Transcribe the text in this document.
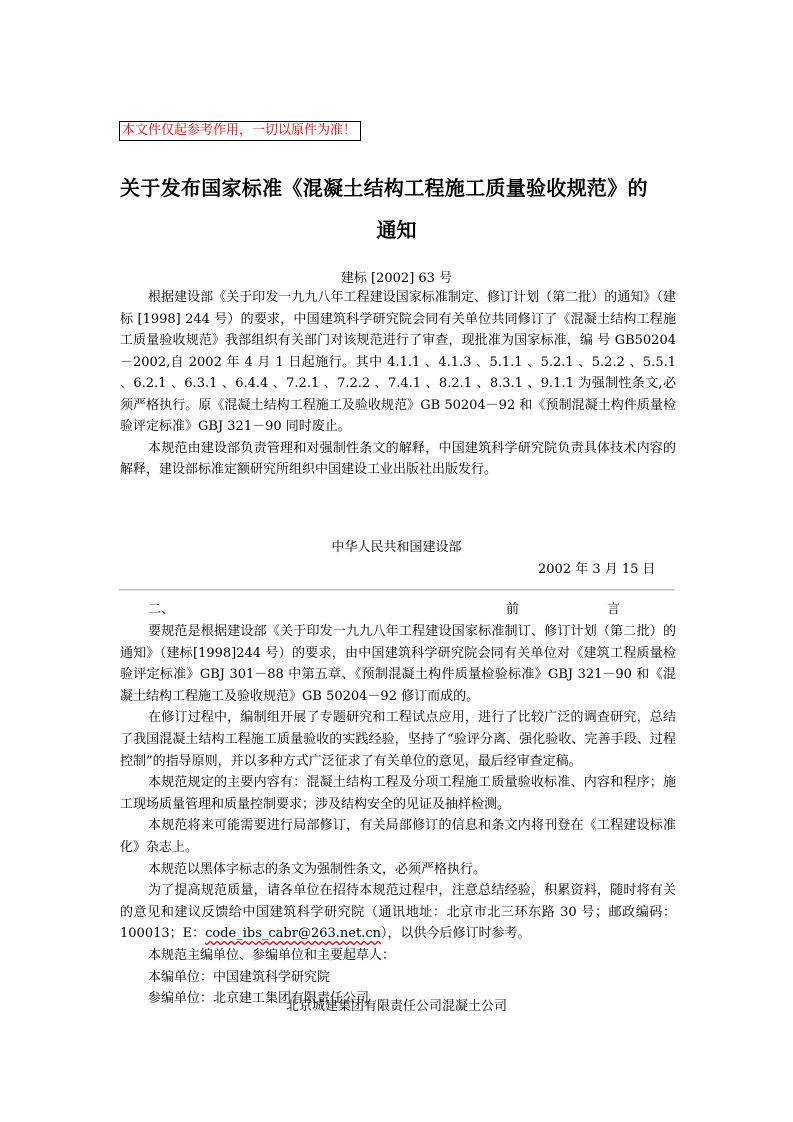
本文件仅起参考作用，一切以原件为准！
关于发布国家标准《混凝土结构工程施工质量验收规范》的
通知
建标 [2002] 63 号

根据建设部《关于印发一九九八年工程建设国家标准制定、修订计划（第二批）的通知》（建标 [1998] 244 号）的要求，中国建筑科学研究院会同有关单位共同修订了《混凝土结构工程施工质量验收规范》我部组织有关部门对该规范进行了审查，现批准为国家标准，编 号 GB50204－2002,自 2002 年 4 月 1 日起施行。其中 4.1.1 、4.1.3 、5.1.1 、5.2.1 、5.2.2 、5.5.1 、6.2.1 、6.3.1 、6.4.4 、7.2.1 、7.2.2 、7.4.1 、8.2.1 、8.3.1 、9.1.1 为强制性条文,必须严格执行。原《混凝土结构工程施工及验收规范》GB 50204－92 和《预制混凝土构件质量检验评定标准》GBJ 321－90 同时废止。

本规范由建设部负责管理和对强制性条文的解释，中国建筑科学研究院负责具体技术内容的解释，建设部标准定额研究所组织中国建设工业出版社出版发行。

中华人民共和国建设部
2002 年 3 月 15 日
二、	前言

要规范是根据建设部《关于印发一九九八年工程建设国家标准制订、修订计划（第二批）的通知》（建标[1998]244 号）的要求，由中国建筑科学研究院会同有关单位对《建筑工程质量检验评定标准》GBJ 301－88 中第五章、《预制混凝土构件质量检验标准》GBJ 321－90 和《混凝土结构工程施工及验收规范》GB 50204－92 修订而成的。

在修订过程中，编制组开展了专题研究和工程试点应用，进行了比较广泛的调查研究，总结了我国混凝土结构工程施工质量验收的实践经验，坚持了“验评分离、强化验收、完善手段、过程控制”的指导原则，并以多种方式广泛征求了有关单位的意见，最后经审查定稿。

本规范规定的主要内容有：混凝土结构工程及分项工程施工质量验收标准、内容和程序；施工现场质量管理和质量控制要求；涉及结构安全的见证及抽样检测。

本规范将来可能需要进行局部修订，有关局部修订的信息和条文内将刊登在《工程建设标准化》杂志上。

本规范以黑体字标志的条文为强制性条文，必须严格执行。

为了提高规范质量，请各单位在招待本规范过程中，注意总结经验，积累资料，随时将有关的意见和建议反馈给中国建筑科学研究院（通讯地址：北京市北三环东路 30 号；邮政编码：100013；E：code_ibs_cabr@263.net.cn），以供今后修订时参考。

本规范主编单位、参编单位和主要起草人：

本编单位：中国建筑科学研究院

参编单位：北京建工集团有限责任公司

北京城建集团有限责任公司混凝土公司
